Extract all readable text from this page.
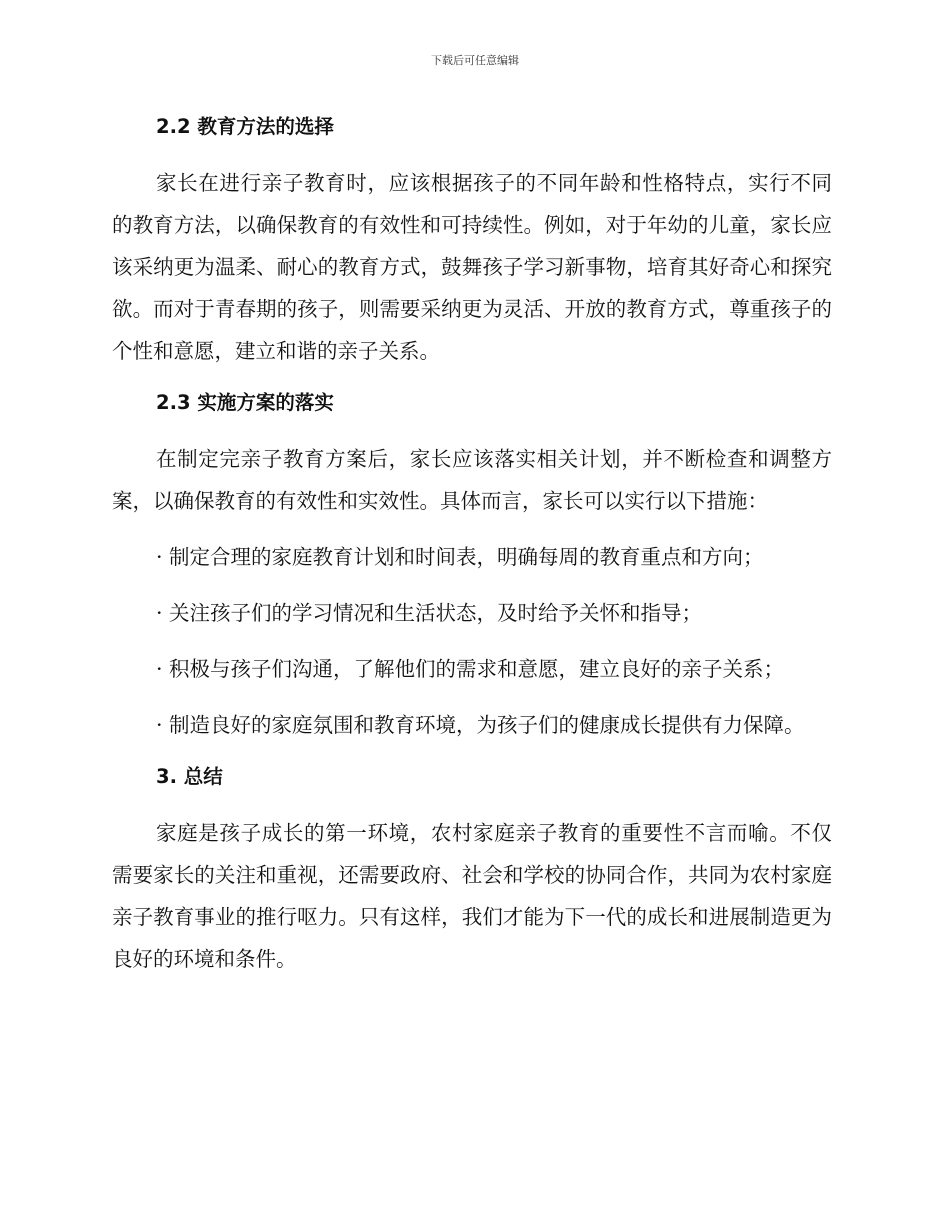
下载后可任意编辑

2.2 教育方法的选择

家长在进行亲子教育时，应该根据孩子的不同年龄和性格特点，实行不同的教育方法，以确保教育的有效性和可持续性。例如，对于年幼的儿童，家长应该采纳更为温柔、耐心的教育方式，鼓舞孩子学习新事物，培育其好奇心和探究欲。而对于青春期的孩子，则需要采纳更为灵活、开放的教育方式，尊重孩子的个性和意愿，建立和谐的亲子关系。

2.3 实施方案的落实

在制定完亲子教育方案后，家长应该落实相关计划，并不断检查和调整方案，以确保教育的有效性和实效性。具体而言，家长可以实行以下措施：

· 制定合理的家庭教育计划和时间表，明确每周的教育重点和方向；

· 关注孩子们的学习情况和生活状态，及时给予关怀和指导；

· 积极与孩子们沟通，了解他们的需求和意愿，建立良好的亲子关系；

· 制造良好的家庭氛围和教育环境，为孩子们的健康成长提供有力保障。

3. 总结

家庭是孩子成长的第一环境，农村家庭亲子教育的重要性不言而喻。不仅需要家长的关注和重视，还需要政府、社会和学校的协同合作，共同为农村家庭亲子教育事业的推行呕力。只有这样，我们才能为下一代的成长和进展制造更为良好的环境和条件。
